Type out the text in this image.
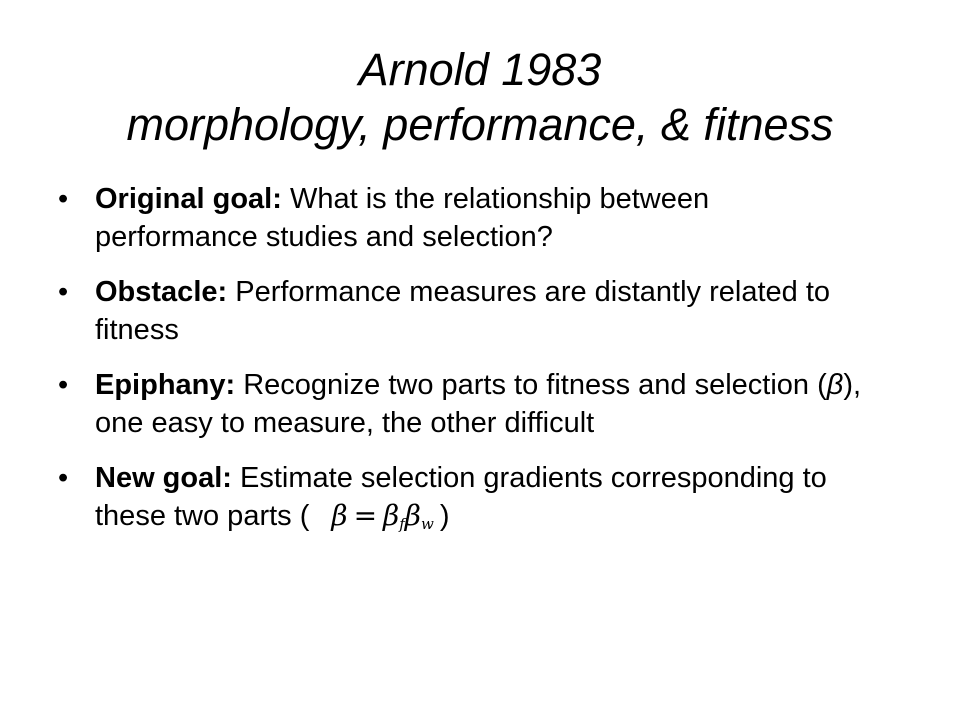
Arnold 1983
morphology, performance, & fitness
• Original goal: What is the relationship between performance studies and selection?
• Obstacle: Performance measures are distantly related to fitness
• Epiphany: Recognize two parts to fitness and selection (β), one easy to measure, the other difficult
• New goal: Estimate selection gradients corresponding to these two parts ( $\beta = \beta_f\beta_w$ )
